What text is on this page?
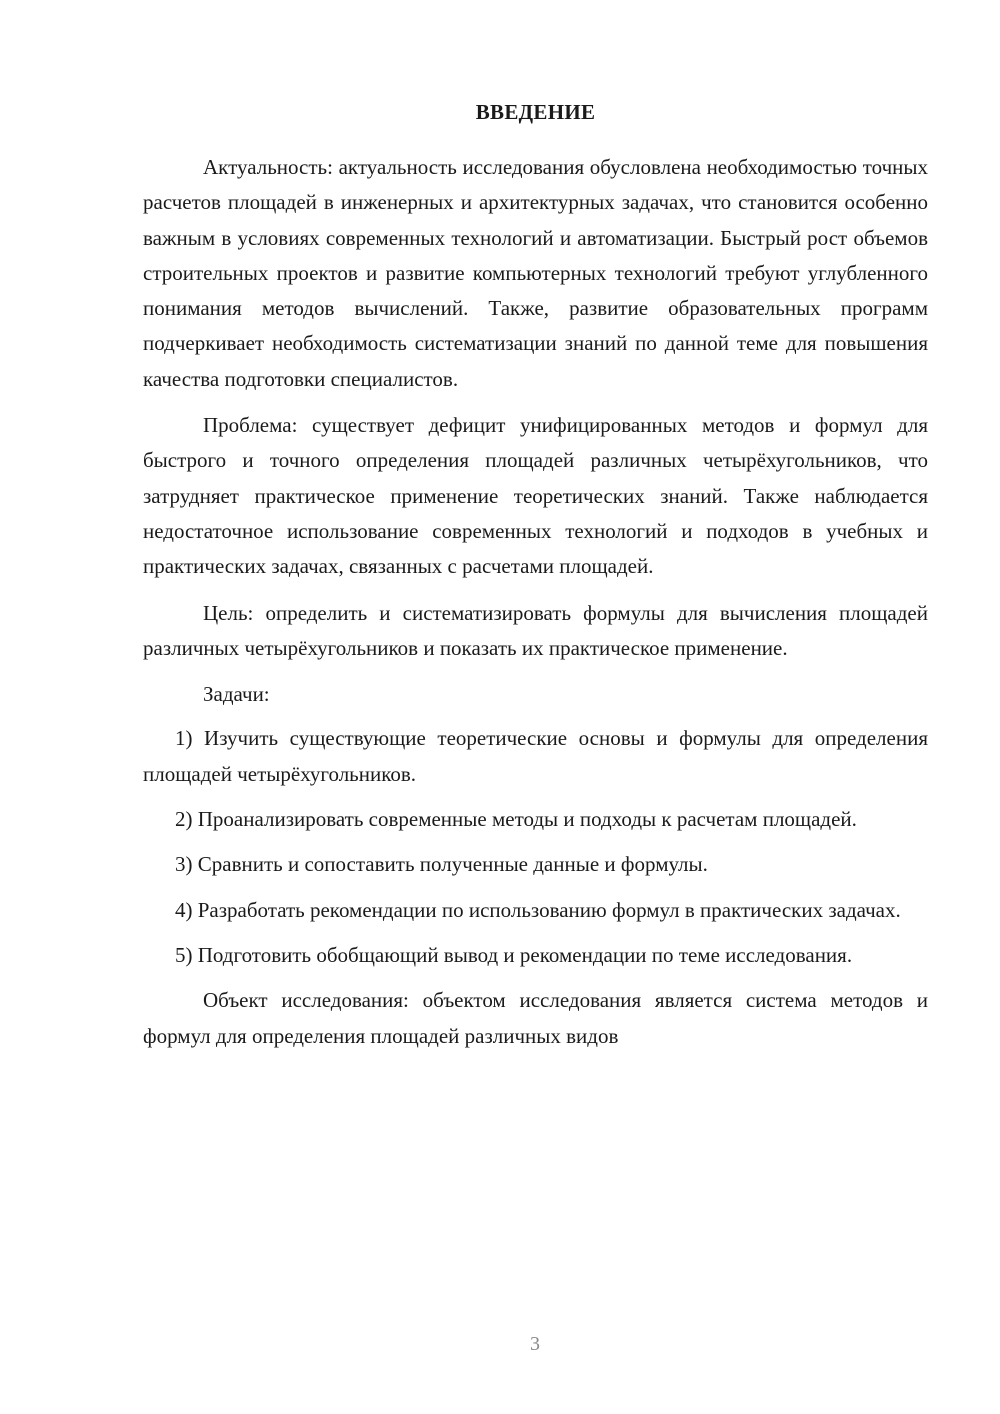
ВВЕДЕНИЕ

Актуальность: актуальность исследования обусловлена необходимостью точных расчетов площадей в инженерных и архитектурных задачах, что становится особенно важным в условиях современных технологий и автоматизации. Быстрый рост объемов строительных проектов и развитие компьютерных технологий требуют углубленного понимания методов вычислений. Также, развитие образовательных программ подчеркивает необходимость систематизации знаний по данной теме для повышения качества подготовки специалистов.

Проблема: существует дефицит унифицированных методов и формул для быстрого и точного определения площадей различных четырёхугольников, что затрудняет практическое применение теоретических знаний. Также наблюдается недостаточное использование современных технологий и подходов в учебных и практических задачах, связанных с расчетами площадей.

Цель: определить и систематизировать формулы для вычисления площадей различных четырёхугольников и показать их практическое применение.

Задачи:

1) Изучить существующие теоретические основы и формулы для определения площадей четырёхугольников.

2) Проанализировать современные методы и подходы к расчетам площадей.

3) Сравнить и сопоставить полученные данные и формулы.

4) Разработать рекомендации по использованию формул в практических задачах.

5) Подготовить обобщающий вывод и рекомендации по теме исследования.

Объект исследования: объектом исследования является система методов и формул для определения площадей различных видов

3
